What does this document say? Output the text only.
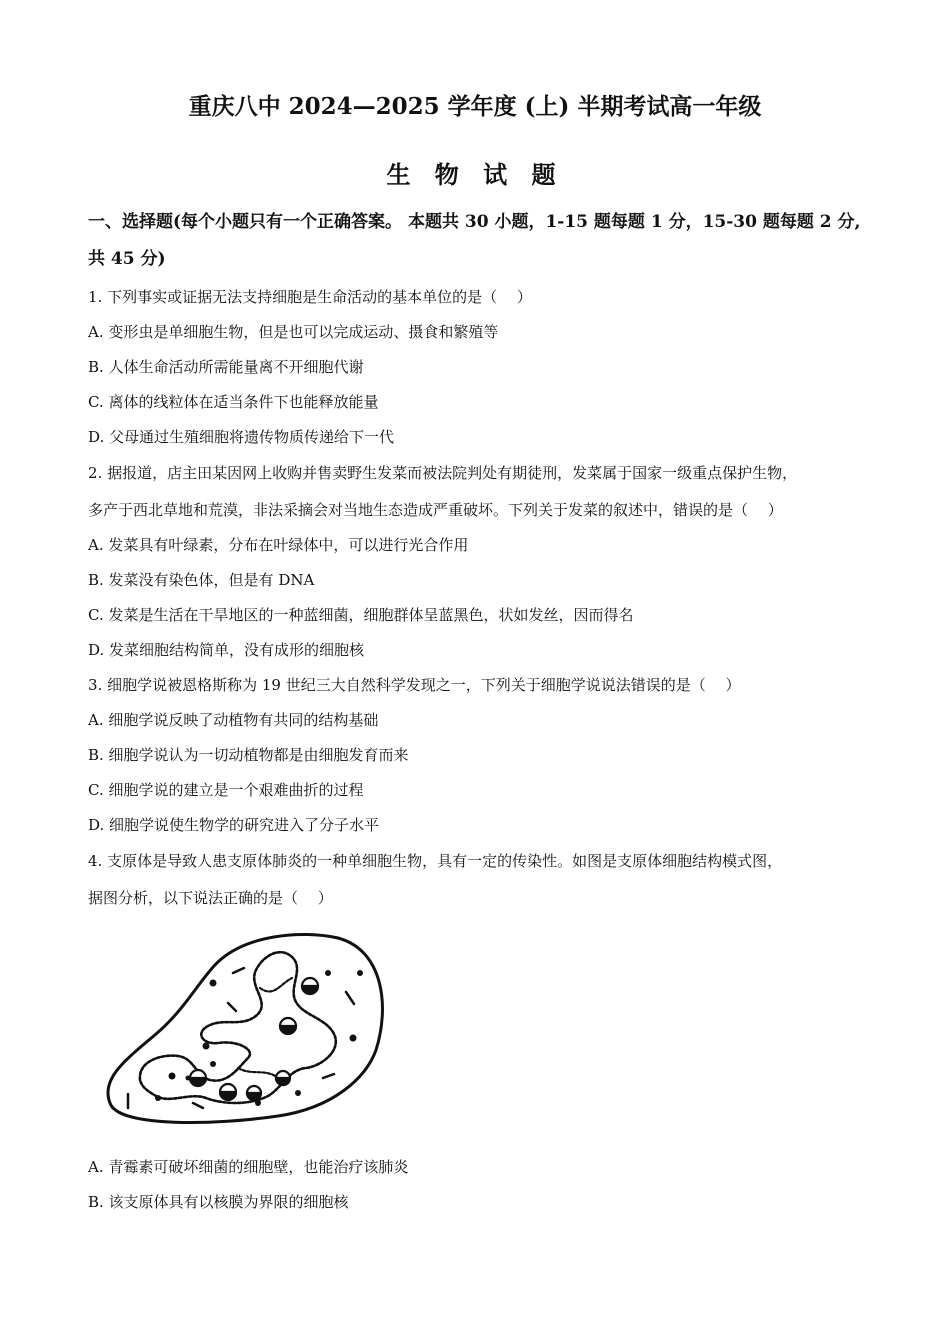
重庆八中 2024—2025 学年度 (上) 半期考试高一年级
生 物 试 题
一、选择题(每个小题只有一个正确答案。 本题共 30 小题，1-15 题每题 1 分，15-30 题每题 2 分, 共 45 分)
1. 下列事实或证据无法支持细胞是生命活动的基本单位的是（　 ）
A. 变形虫是单细胞生物，但是也可以完成运动、摄食和繁殖等
B. 人体生命活动所需能量离不开细胞代谢
C. 离体的线粒体在适当条件下也能释放能量
D. 父母通过生殖细胞将遗传物质传递给下一代
2. 据报道，店主田某因网上收购并售卖野生发菜而被法院判处有期徒刑，发菜属于国家一级重点保护生物，
多产于西北草地和荒漠，非法采摘会对当地生态造成严重破坏。下列关于发菜的叙述中，错误的是（　 ）
A. 发菜具有叶绿素，分布在叶绿体中，可以进行光合作用
B. 发菜没有染色体，但是有 DNA
C. 发菜是生活在干旱地区的一种蓝细菌，细胞群体呈蓝黑色，状如发丝，因而得名
D. 发菜细胞结构简单，没有成形的细胞核
3. 细胞学说被恩格斯称为 19 世纪三大自然科学发现之一，下列关于细胞学说说法错误的是（　 ）
A. 细胞学说反映了动植物有共同的结构基础
B. 细胞学说认为一切动植物都是由细胞发育而来
C. 细胞学说的建立是一个艰难曲折的过程
D. 细胞学说使生物学的研究进入了分子水平
4. 支原体是导致人患支原体肺炎的一种单细胞生物，具有一定的传染性。如图是支原体细胞结构模式图，
据图分析，以下说法正确的是（　 ）
A. 青霉素可破坏细菌的细胞壁，也能治疗该肺炎
B. 该支原体具有以核膜为界限的细胞核
